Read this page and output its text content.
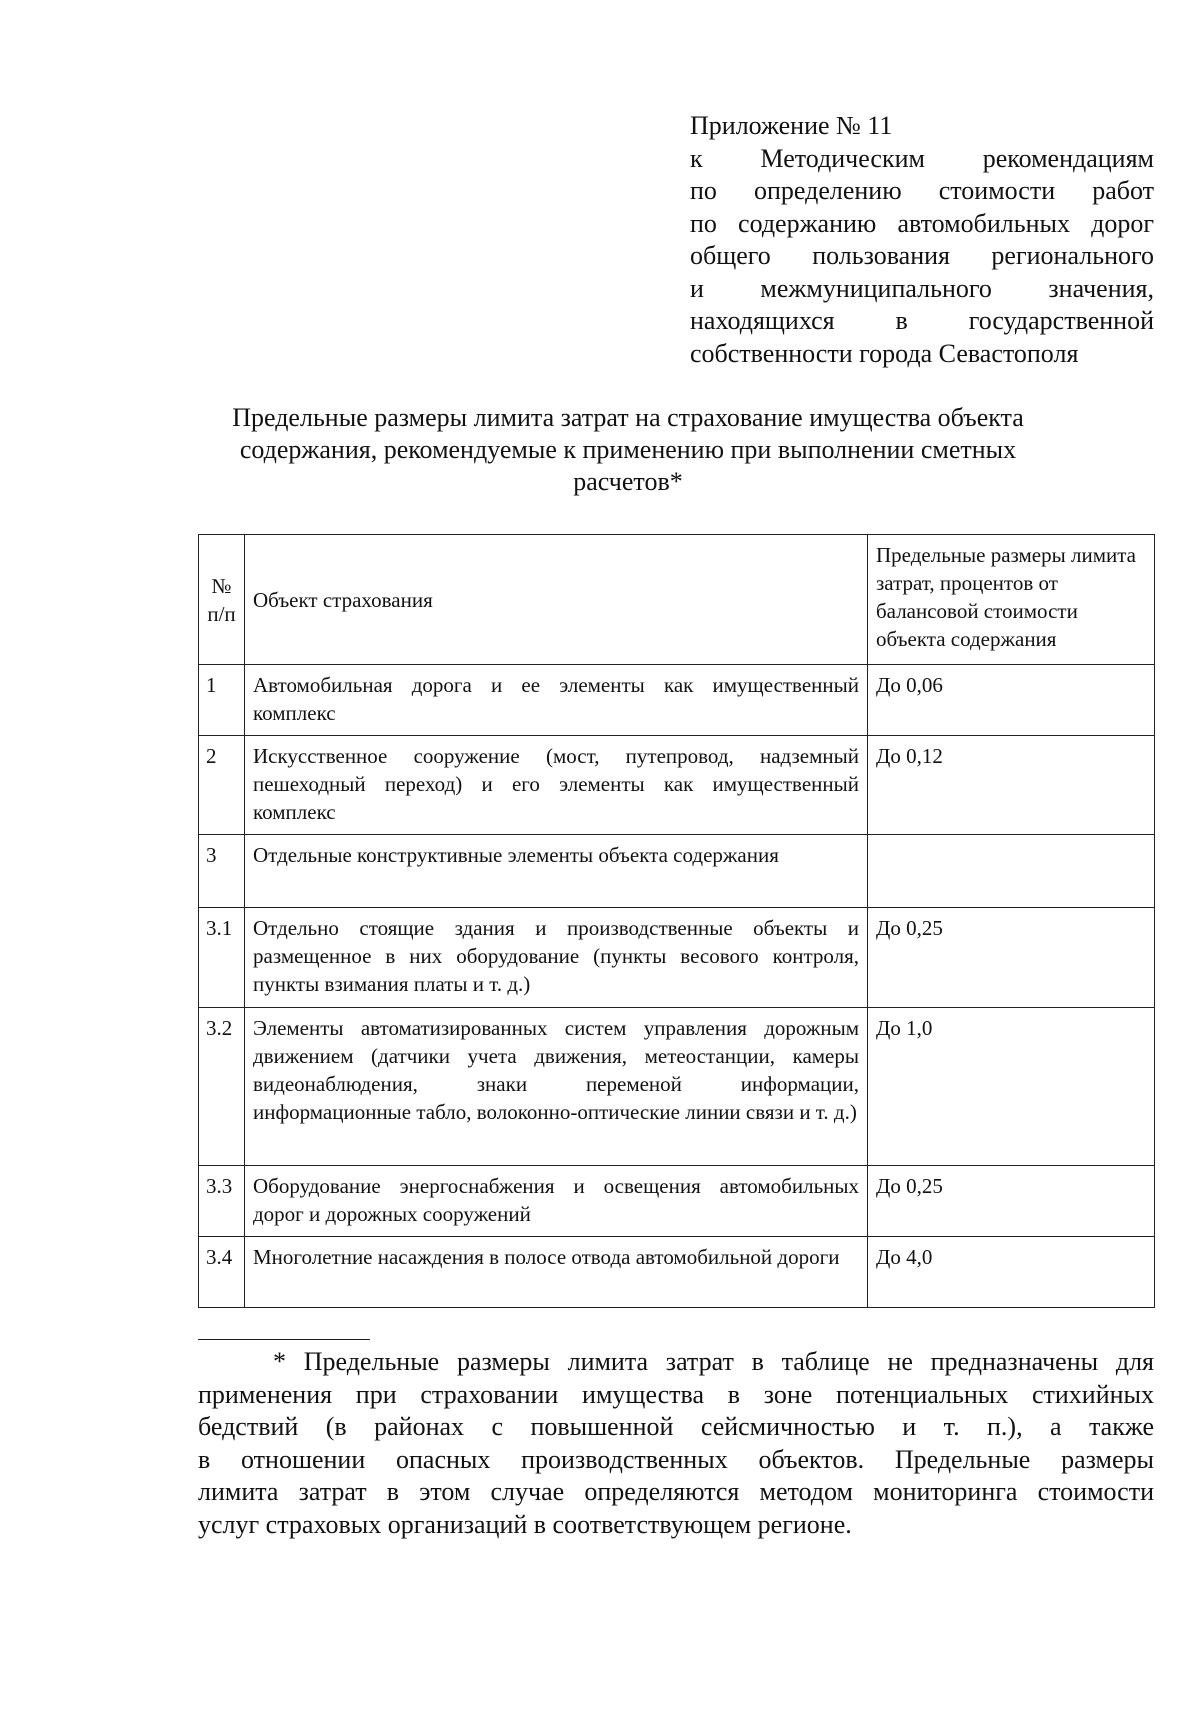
Приложение № 11
к Методическим рекомендациям
по определению стоимости работ
по содержанию автомобильных дорог
общего пользования регионального
и межмуниципального значения,
находящихся в государственной
собственности города Севастополя
Предельные размеры лимита затрат на страхование имущества объекта
содержания, рекомендуемые к применению при выполнении сметных
расчетов*
№ п/п	Объект страхования	Предельные размеры лимита затрат, процентов от балансовой стоимости объекта содержания
1	Автомобильная дорога и ее элементы как имущественный комплекс	До 0,06
2	Искусственное сооружение (мост, путепровод, надземный пешеходный переход) и его элементы как имущественный комплекс	До 0,12
3	Отдельные конструктивные элементы объекта содержания	
3.1	Отдельно стоящие здания и производственные объекты и размещенное в них оборудование (пункты весового контроля, пункты взимания платы и т. д.)	До 0,25
3.2	Элементы автоматизированных систем управления дорожным движением (датчики учета движения, метеостанции, камеры видеонаблюдения, знаки переменой информации, информационные табло, волоконно-оптические линии связи и т. д.)	До 1,0
3.3	Оборудование энергоснабжения и освещения автомобильных дорог и дорожных сооружений	До 0,25
3.4	Многолетние насаждения в полосе отвода автомобильной дороги	До 4,0
* Предельные размеры лимита затрат в таблице не предназначены для
применения при страховании имущества в зоне потенциальных стихийных
бедствий (в районах с повышенной сейсмичностью и т. п.), а также
в отношении опасных производственных объектов. Предельные размеры
лимита затрат в этом случае определяются методом мониторинга стоимости
услуг страховых организаций в соответствующем регионе.
